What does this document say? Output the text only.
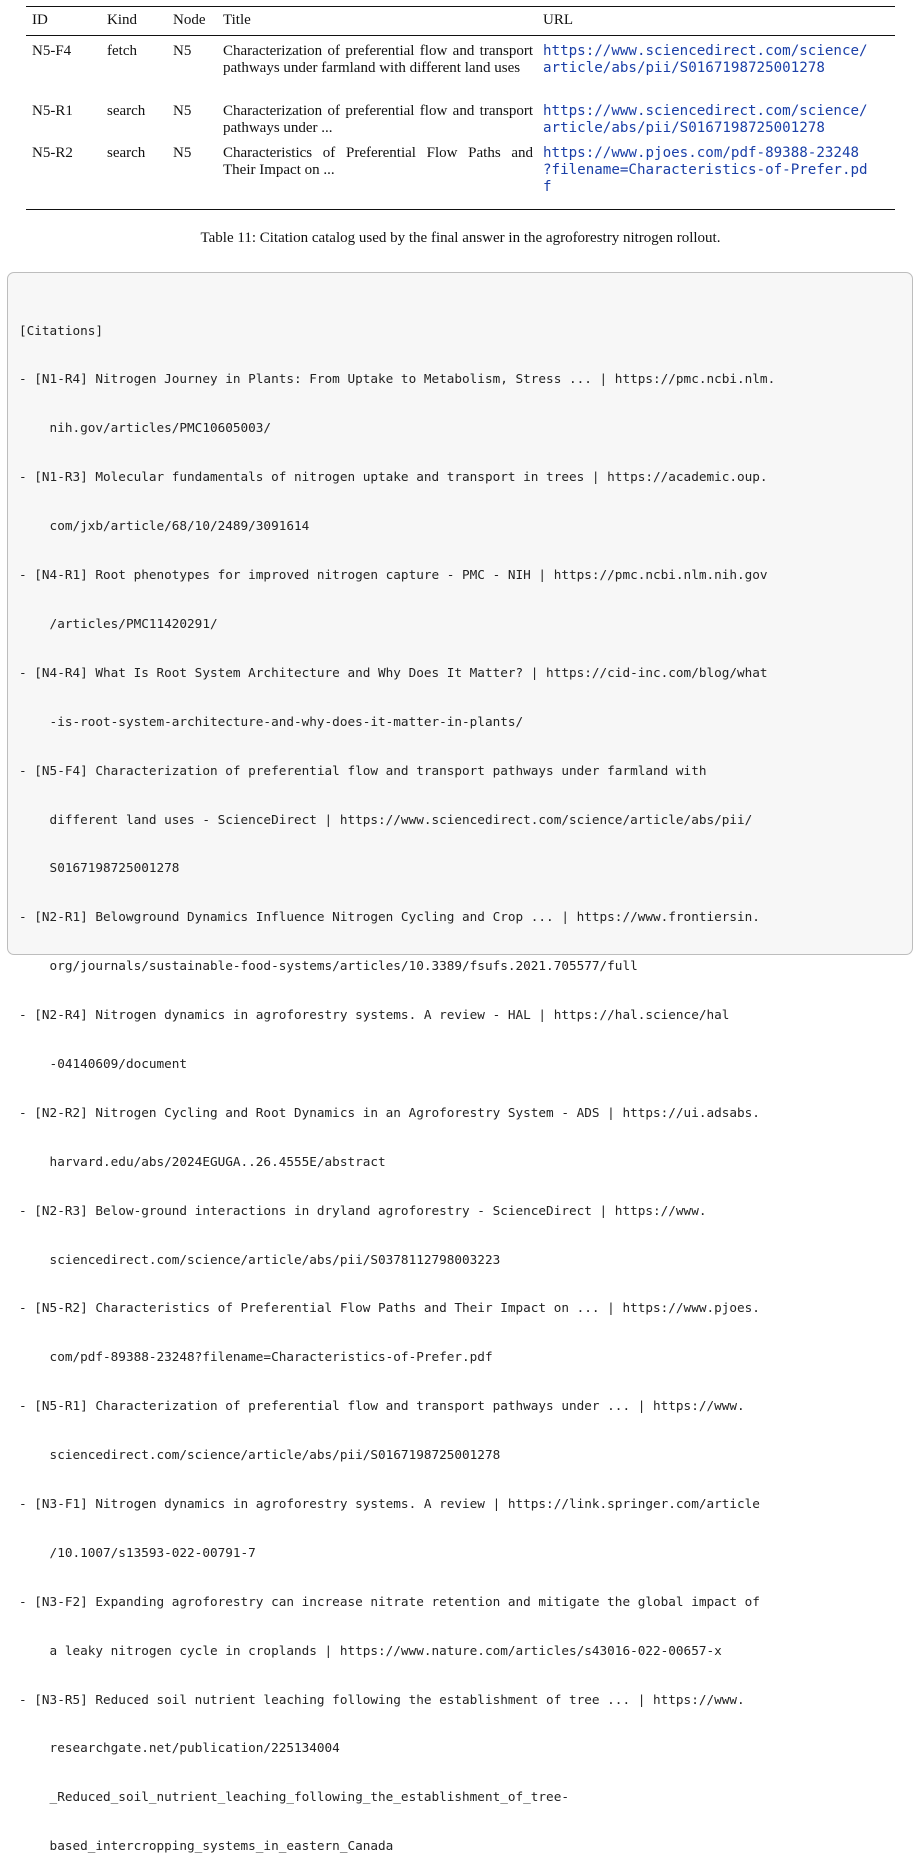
ID	Kind Node Title	URL
N5-F4 fetch N5 Characterization of preferential flow and transport pathways under farmland with different land uses
https://www.sciencedirect.com/science/
article/abs/pii/S0167198725001278
N5-R1 search N5 Characterization of preferential flow and transport pathways under ...
https://www.sciencedirect.com/science/
article/abs/pii/S0167198725001278
N5-R2 search N5 Characteristics of Preferential Flow Paths and Their Impact on ...
https://www.pjoes.com/pdf-89388-23248
?filename=Characteristics-of-Prefer.pd
f
Table 11: Citation catalog used by the final answer in the agroforestry nitrogen rollout.

[Citations]

- [N1-R4] Nitrogen Journey in Plants: From Uptake to Metabolism, Stress ... | https://pmc.ncbi.nlm.

nih.gov/articles/PMC10605003/

- [N1-R3] Molecular fundamentals of nitrogen uptake and transport in trees | https://academic.oup.

com/jxb/article/68/10/2489/3091614

- [N4-R1] Root phenotypes for improved nitrogen capture - PMC - NIH | https://pmc.ncbi.nlm.nih.gov

/articles/PMC11420291/

- [N4-R4] What Is Root System Architecture and Why Does It Matter? | https://cid-inc.com/blog/what

-is-root-system-architecture-and-why-does-it-matter-in-plants/

- [N5-F4] Characterization of preferential flow and transport pathways under farmland with

different land uses - ScienceDirect | https://www.sciencedirect.com/science/article/abs/pii/

S0167198725001278

- [N2-R1] Belowground Dynamics Influence Nitrogen Cycling and Crop ... | https://www.frontiersin.

org/journals/sustainable-food-systems/articles/10.3389/fsufs.2021.705577/full

- [N2-R4] Nitrogen dynamics in agroforestry systems. A review - HAL | https://hal.science/hal

-04140609/document

- [N2-R2] Nitrogen Cycling and Root Dynamics in an Agroforestry System - ADS | https://ui.adsabs.

harvard.edu/abs/2024EGUGA..26.4555E/abstract

- [N2-R3] Below-ground interactions in dryland agroforestry - ScienceDirect | https://www.

sciencedirect.com/science/article/abs/pii/S0378112798003223

- [N5-R2] Characteristics of Preferential Flow Paths and Their Impact on ... | https://www.pjoes.

com/pdf-89388-23248?filename=Characteristics-of-Prefer.pdf

- [N5-R1] Characterization of preferential flow and transport pathways under ... | https://www.

sciencedirect.com/science/article/abs/pii/S0167198725001278

- [N3-F1] Nitrogen dynamics in agroforestry systems. A review | https://link.springer.com/article

/10.1007/s13593-022-00791-7

- [N3-F2] Expanding agroforestry can increase nitrate retention and mitigate the global impact of

a leaky nitrogen cycle in croplands | https://www.nature.com/articles/s43016-022-00657-x

- [N3-R5] Reduced soil nutrient leaching following the establishment of tree ... | https://www.

researchgate.net/publication/225134004

_Reduced_soil_nutrient_leaching_following_the_establishment_of_tree-

based_intercropping_systems_in_eastern_Canada
